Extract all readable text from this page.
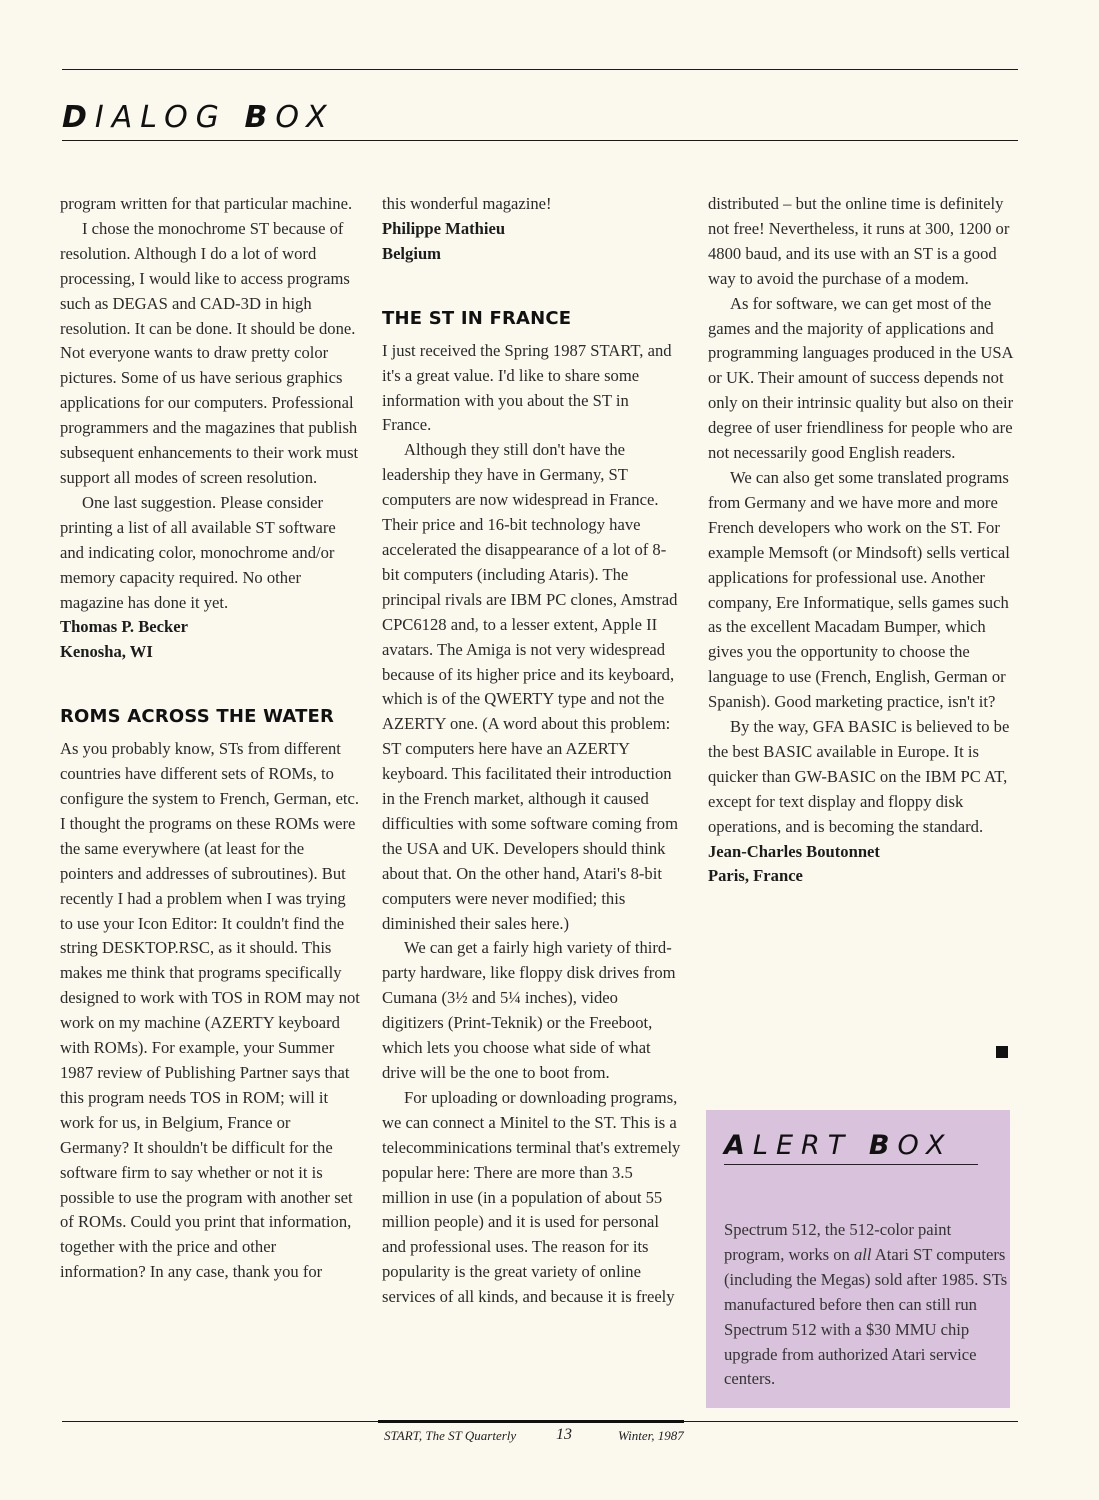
DIALOG BOX

program written for that particular machine.

I chose the monochrome ST because of resolution. Although I do a lot of word processing, I would like to access programs such as DEGAS and CAD-3D in high resolution. It can be done. It should be done. Not everyone wants to draw pretty color pictures. Some of us have serious graphics applications for our computers. Professional programmers and the magazines that publish subsequent enhancements to their work must support all modes of screen resolution.

One last suggestion. Please consider printing a list of all available ST software and indicating color, monochrome and/or memory capacity required. No other magazine has done it yet.

Thomas P. Becker

Kenosha, WI

ROMS ACROSS THE WATER

As you probably know, STs from different countries have different sets of ROMs, to configure the system to French, German, etc. I thought the programs on these ROMs were the same everywhere (at least for the pointers and addresses of subroutines). But recently I had a problem when I was trying to use your Icon Editor: It couldn't find the string DESKTOP.RSC, as it should. This makes me think that programs specifically designed to work with TOS in ROM may not work on my machine (AZERTY keyboard with ROMs). For example, your Summer 1987 review of Publishing Partner says that this program needs TOS in ROM; will it work for us, in Belgium, France or Germany? It shouldn't be difficult for the software firm to say whether or not it is possible to use the program with another set of ROMs. Could you print that information, together with the price and other information? In any case, thank you for

this wonderful magazine!

Philippe Mathieu

Belgium

THE ST IN FRANCE

I just received the Spring 1987 START, and it's a great value. I'd like to share some information with you about the ST in France.

Although they still don't have the leadership they have in Germany, ST computers are now widespread in France. Their price and 16-bit technology have accelerated the disappearance of a lot of 8-bit computers (including Ataris). The principal rivals are IBM PC clones, Amstrad CPC6128 and, to a lesser extent, Apple II avatars. The Amiga is not very widespread because of its higher price and its keyboard, which is of the QWERTY type and not the AZERTY one. (A word about this problem: ST computers here have an AZERTY keyboard. This facilitated their introduction in the French market, although it caused difficulties with some software coming from the USA and UK. Developers should think about that. On the other hand, Atari's 8-bit computers were never modified; this diminished their sales here.)

We can get a fairly high variety of third-party hardware, like floppy disk drives from Cumana (3½ and 5¼ inches), video digitizers (Print-Teknik) or the Freeboot, which lets you choose what side of what drive will be the one to boot from.

For uploading or downloading programs, we can connect a Minitel to the ST. This is a telecomminications terminal that's extremely popular here: There are more than 3.5 million in use (in a population of about 55 million people) and it is used for personal and professional uses. The reason for its popularity is the great variety of online services of all kinds, and because it is freely

distributed – but the online time is definitely not free! Nevertheless, it runs at 300, 1200 or 4800 baud, and its use with an ST is a good way to avoid the purchase of a modem.

As for software, we can get most of the games and the majority of applications and programming languages produced in the USA or UK. Their amount of success depends not only on their intrinsic quality but also on their degree of user friendliness for people who are not necessarily good English readers.

We can also get some translated programs from Germany and we have more and more French developers who work on the ST. For example Memsoft (or Mindsoft) sells vertical applications for professional use. Another company, Ere Informatique, sells games such as the excellent Macadam Bumper, which gives you the opportunity to choose the language to use (French, English, German or Spanish). Good marketing practice, isn't it?

By the way, GFA BASIC is believed to be the best BASIC available in Europe. It is quicker than GW-BASIC on the IBM PC AT, except for text display and floppy disk operations, and is becoming the standard.

Jean-Charles Boutonnet

Paris, France

ALERT BOX
Spectrum 512, the 512-color paint program, works on all Atari ST computers (including the Megas) sold after 1985. STs manufactured before then can still run Spectrum 512 with a $30 MMU chip upgrade from authorized Atari service centers.
START, The ST Quarterly 13	Winter, 1987
